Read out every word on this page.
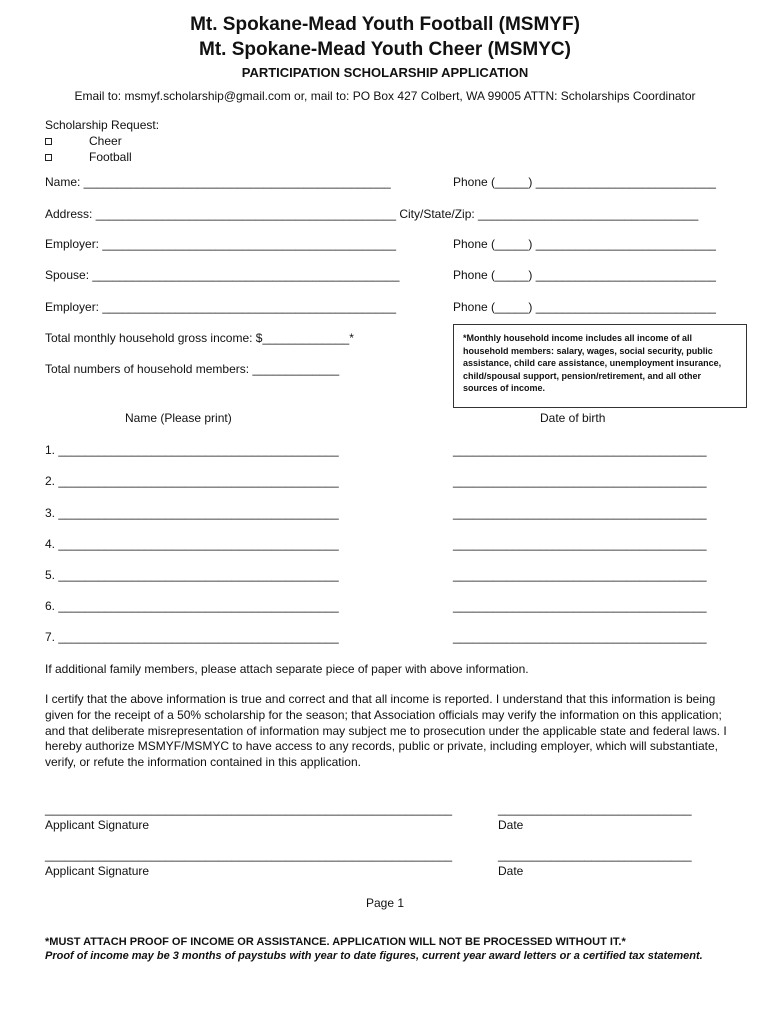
Mt. Spokane-Mead Youth Football (MSMYF)
Mt. Spokane-Mead Youth Cheer (MSMYC)
PARTICIPATION SCHOLARSHIP APPLICATION
Email to: msmyf.scholarship@gmail.com or, mail to: PO Box 427 Colbert, WA 99005 ATTN: Scholarships Coordinator
Scholarship Request:
Cheer
Football
Name: ______________________________________________	Phone (_____) ___________________________
Address: _____________________________________________ City/State/Zip: _________________________________
Employer: ____________________________________________	Phone (_____) ___________________________
Spouse: ______________________________________________	Phone (_____) ___________________________
Employer: ____________________________________________	Phone (_____) ___________________________
Total monthly household gross income: $_____________*
Total numbers of household members: _____________

*Monthly household income includes all income of all household members: salary, wages, social security, public assistance, child care assistance, unemployment insurance, child/spousal support, pension/retirement, and all other sources of income.

Name (Please print)	Date of birth
1. __________________________________________	______________________________________
2. __________________________________________	______________________________________
3. __________________________________________	______________________________________
4. __________________________________________	______________________________________
5. __________________________________________	______________________________________
6. __________________________________________	______________________________________
7. __________________________________________	______________________________________
If additional family members, please attach separate piece of paper with above information.
I certify that the above information is true and correct and that all income is reported. I understand that this information is being given for the receipt of a 50% scholarship for the season; that Association officials may verify the information on this application; and that deliberate misrepresentation of information may subject me to prosecution under the applicable state and federal laws. I hereby authorize MSMYF/MSMYC to have access to any records, public or private, including employer, which will substantiate, verify, or refute the information contained in this application.
_____________________________________________________________	_____________________________
Applicant Signature	Date
_____________________________________________________________	_____________________________
Applicant Signature	Date
Page 1
*MUST ATTACH PROOF OF INCOME OR ASSISTANCE. APPLICATION WILL NOT BE PROCESSED WITHOUT IT.*
Proof of income may be 3 months of paystubs with year to date figures, current year award letters or a certified tax statement.
